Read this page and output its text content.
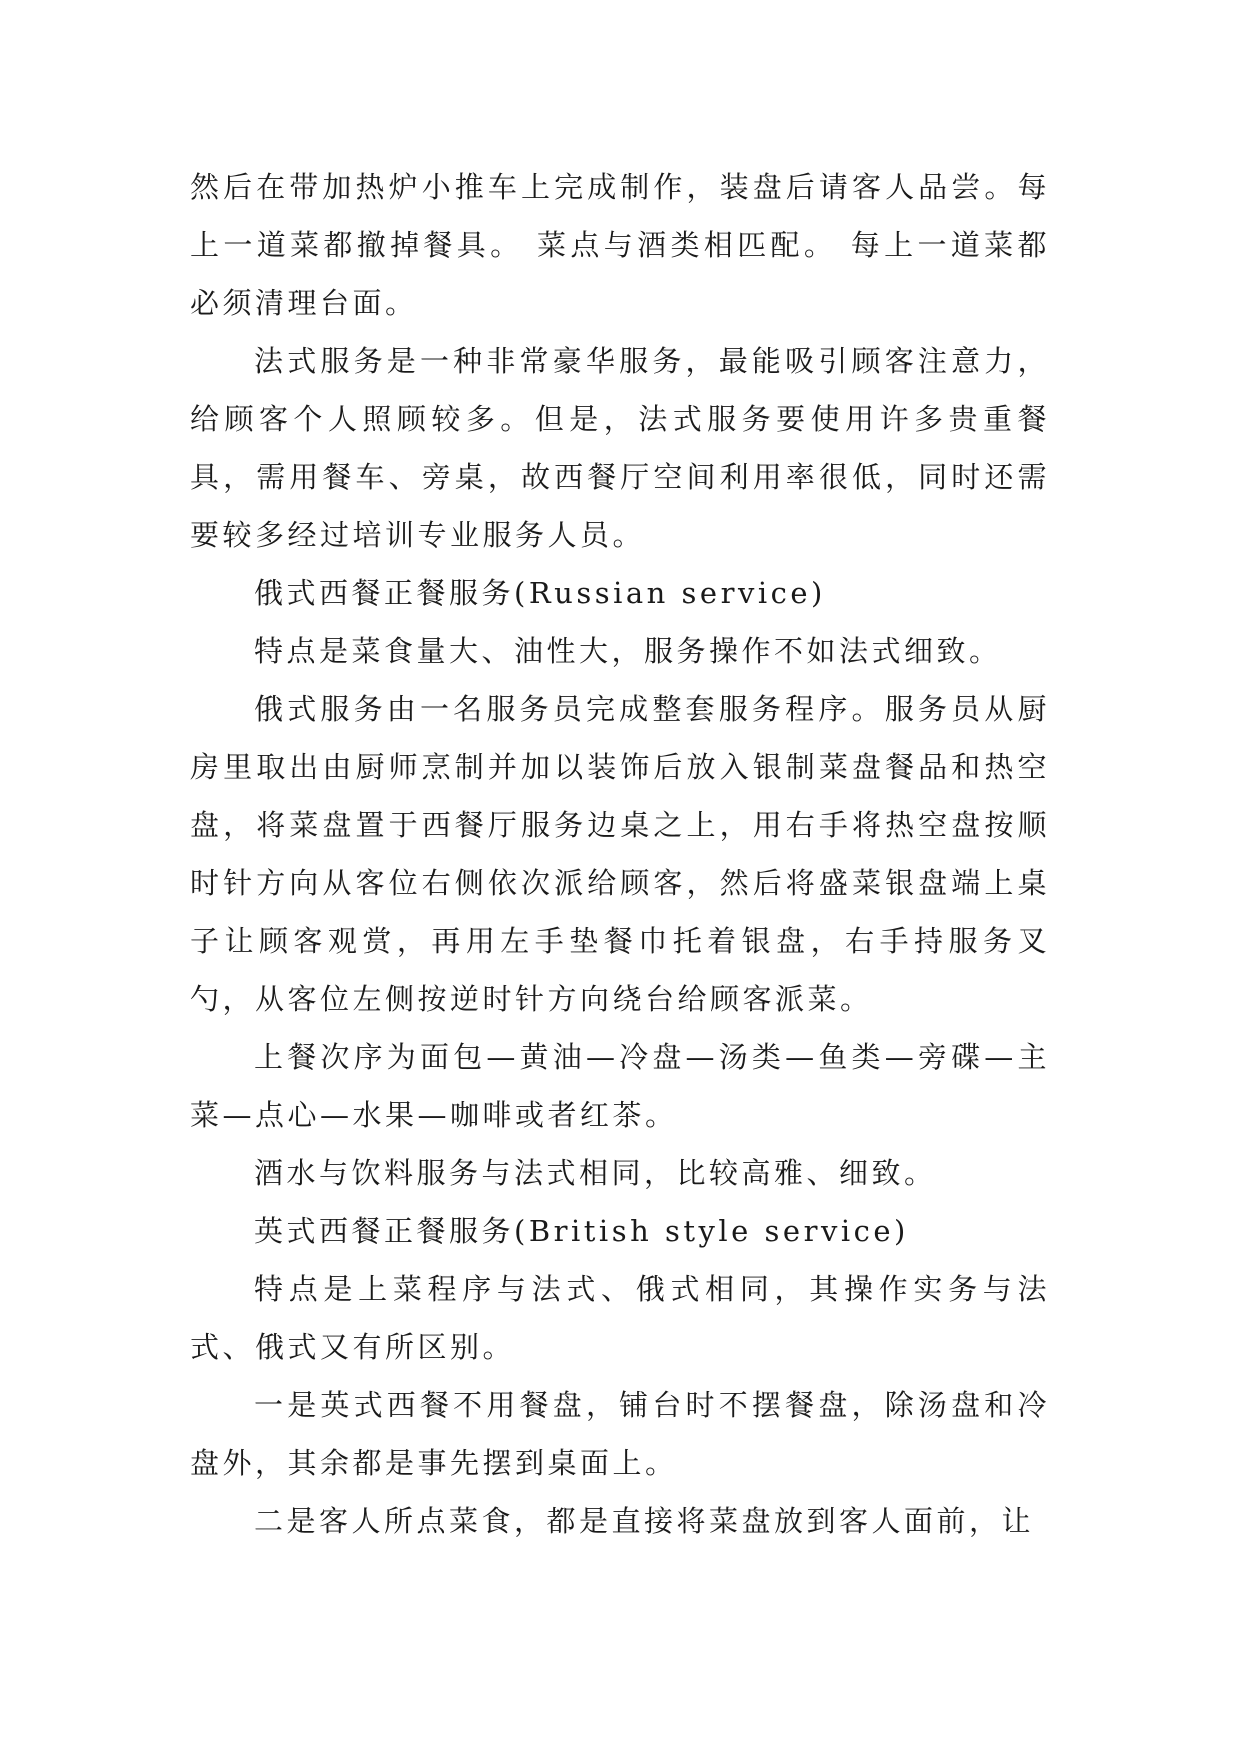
然后在带加热炉小推车上完成制作，装盘后请客人品尝。每上一道菜都撤掉餐具。 菜点与酒类相匹配。 每上一道菜都必须清理台面。

法式服务是一种非常豪华服务，最能吸引顾客注意力，给顾客个人照顾较多。但是，法式服务要使用许多贵重餐具，需用餐车、旁桌，故西餐厅空间利用率很低，同时还需要较多经过培训专业服务人员。

俄式西餐正餐服务(Russian service)

特点是菜食量大、油性大，服务操作不如法式细致。

俄式服务由一名服务员完成整套服务程序。服务员从厨房里取出由厨师烹制并加以装饰后放入银制菜盘餐品和热空盘，将菜盘置于西餐厅服务边桌之上，用右手将热空盘按顺时针方向从客位右侧依次派给顾客，然后将盛菜银盘端上桌子让顾客观赏，再用左手垫餐巾托着银盘，右手持服务叉勺，从客位左侧按逆时针方向绕台给顾客派菜。

上餐次序为面包—黄油—冷盘—汤类—鱼类—旁碟—主菜—点心—水果—咖啡或者红茶。

酒水与饮料服务与法式相同，比较高雅、细致。

英式西餐正餐服务(British style service)

特点是上菜程序与法式、俄式相同，其操作实务与法式、俄式又有所区别。

一是英式西餐不用餐盘，铺台时不摆餐盘，除汤盘和冷盘外，其余都是事先摆到桌面上。

二是客人所点菜食，都是直接将菜盘放到客人面前，让
